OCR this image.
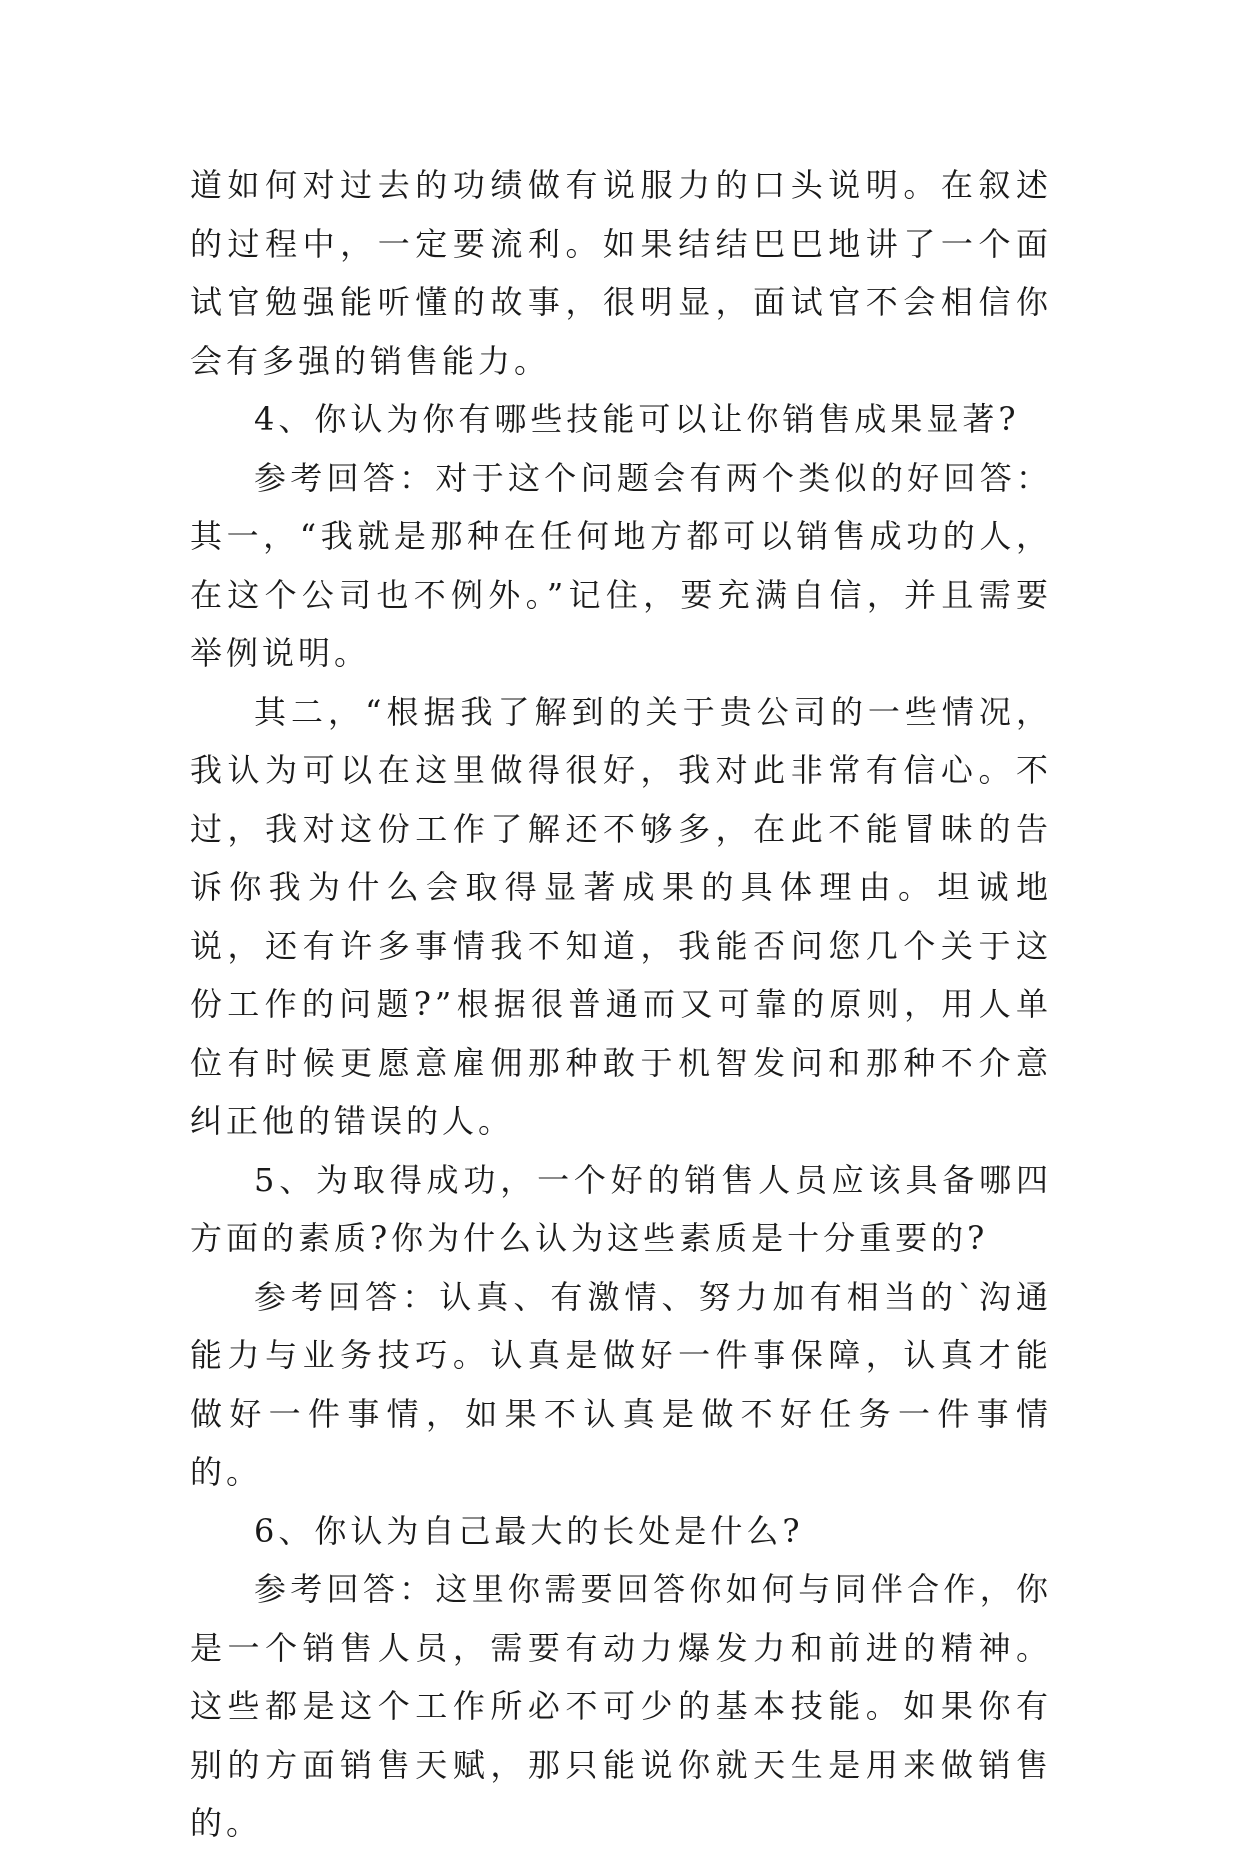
道如何对过去的功绩做有说服力的口头说明。在叙述的过程中，一定要流利。如果结结巴巴地讲了一个面试官勉强能听懂的故事，很明显，面试官不会相信你会有多强的销售能力。

4、你认为你有哪些技能可以让你销售成果显著?

参考回答：对于这个问题会有两个类似的好回答：其一，“我就是那种在任何地方都可以销售成功的人，在这个公司也不例外。”记住，要充满自信，并且需要举例说明。

其二，“根据我了解到的关于贵公司的一些情况，我认为可以在这里做得很好，我对此非常有信心。不过，我对这份工作了解还不够多，在此不能冒昧的告诉你我为什么会取得显著成果的具体理由。坦诚地说，还有许多事情我不知道，我能否问您几个关于这份工作的问题?”根据很普通而又可靠的原则，用人单位有时候更愿意雇佣那种敢于机智发问和那种不介意纠正他的错误的人。

5、为取得成功，一个好的销售人员应该具备哪四方面的素质?你为什么认为这些素质是十分重要的?

参考回答：认真、有激情、努力加有相当的`沟通能力与业务技巧。认真是做好一件事保障，认真才能做好一件事情，如果不认真是做不好任务一件事情的。

6、你认为自己最大的长处是什么?

参考回答：这里你需要回答你如何与同伴合作，你是一个销售人员，需要有动力爆发力和前进的精神。这些都是这个工作所必不可少的基本技能。如果你有别的方面销售天赋，那只能说你就天生是用来做销售的。
